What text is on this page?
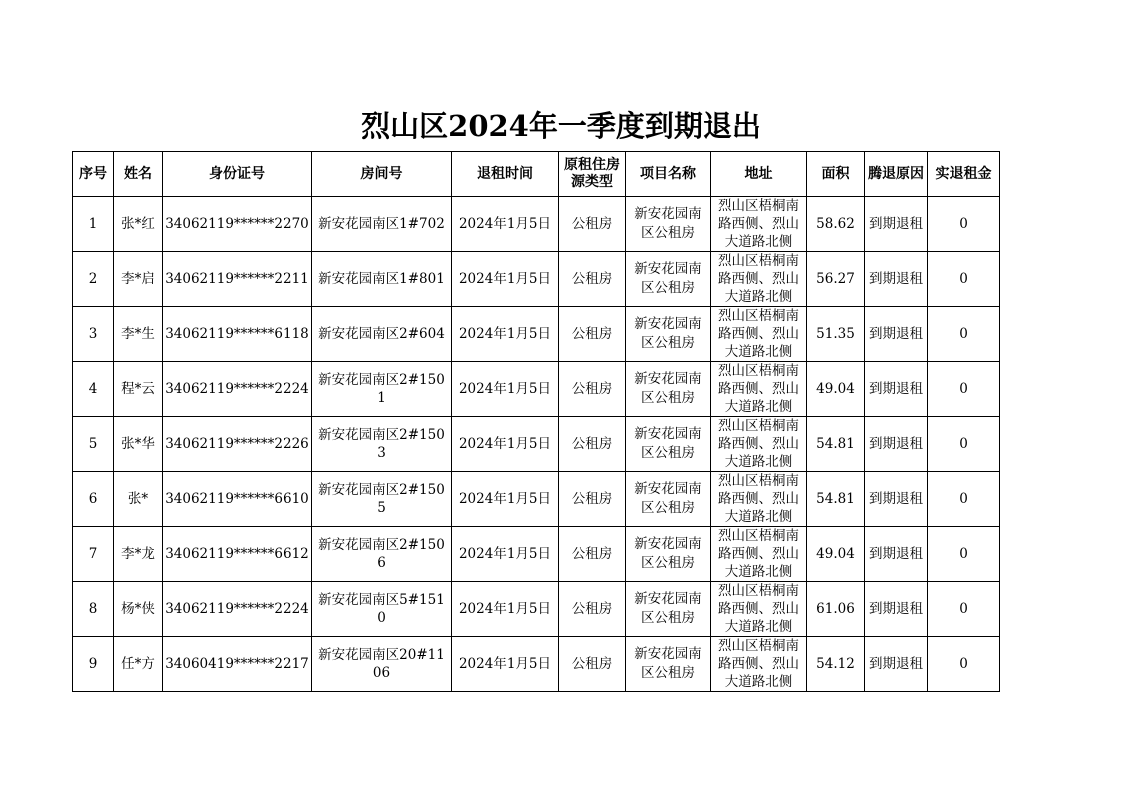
烈山区2024年一季度到期退出
序号	姓名	身份证号	房间号	退租时间	原租住房源类型	项目名称	地址	面积	腾退原因	实退租金
1	张*红	34062119******2270	新安花园南区1#702	2024年1月5日	公租房	新安花园南区公租房	烈山区梧桐南路西侧、烈山大道路北侧	58.62	到期退租	0
2	李*启	34062119******2211	新安花园南区1#801	2024年1月5日	公租房	新安花园南区公租房	烈山区梧桐南路西侧、烈山大道路北侧	56.27	到期退租	0
3	李*生	34062119******6118	新安花园南区2#604	2024年1月5日	公租房	新安花园南区公租房	烈山区梧桐南路西侧、烈山大道路北侧	51.35	到期退租	0
4	程*云	34062119******2224	新安花园南区2#1501	2024年1月5日	公租房	新安花园南区公租房	烈山区梧桐南路西侧、烈山大道路北侧	49.04	到期退租	0
5	张*华	34062119******2226	新安花园南区2#1503	2024年1月5日	公租房	新安花园南区公租房	烈山区梧桐南路西侧、烈山大道路北侧	54.81	到期退租	0
6	张*	34062119******6610	新安花园南区2#1505	2024年1月5日	公租房	新安花园南区公租房	烈山区梧桐南路西侧、烈山大道路北侧	54.81	到期退租	0
7	李*龙	34062119******6612	新安花园南区2#1506	2024年1月5日	公租房	新安花园南区公租房	烈山区梧桐南路西侧、烈山大道路北侧	49.04	到期退租	0
8	杨*侠	34062119******2224	新安花园南区5#1510	2024年1月5日	公租房	新安花园南区公租房	烈山区梧桐南路西侧、烈山大道路北侧	61.06	到期退租	0
9	任*方	34060419******2217	新安花园南区20#1106	2024年1月5日	公租房	新安花园南区公租房	烈山区梧桐南路西侧、烈山大道路北侧	54.12	到期退租	0
